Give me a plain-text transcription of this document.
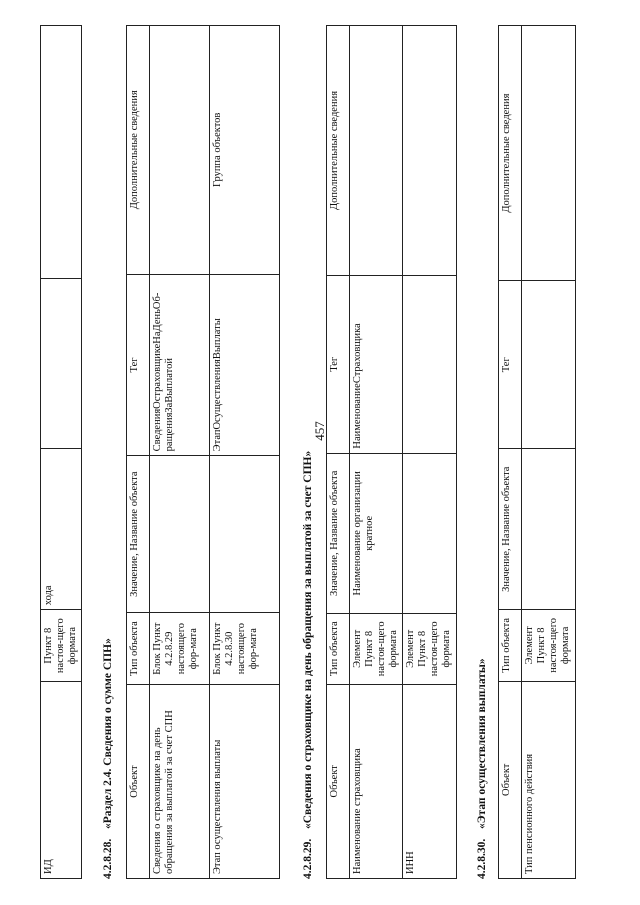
457
ИД	Пункт 8 настоя-щего формата	хода		
4.2.8.28.«Раздел 2.4. Сведения о сумме СПН» Объект	Тип объекта	Значение, Название объекта	Тег	Дополнительные сведения
Сведения о страховщике на день обращения за выплатой за счет СПН	Блок Пункт 4.2.8.29 настоящего фор-мата		СведенияОстраховщикеНаДеньОб-ращенияЗаВыплатой	
Этап осуществления выплаты	Блок Пункт 4.2.8.30 настоящего фор-мата		ЭтапОсуществленияВыплаты	Группа объектов
4.2.8.29.«Сведения о страховщике на день обращения за выплатой за счет СПН» Объект	Тип объекта	Значение, Название объекта	Тег	Дополнительные сведения
Наименование страховщика	Элемент Пункт 8 настоя-щего формата	Наименование организации кратное	НаименованиеСтраховщика	
ИНН	Элемент Пункт 8 настоя-щего формата			
4.2.8.30.«Этап осуществления выплаты» Объект	Тип объекта	Значение, Название объекта	Тег	Дополнительные сведения
Тип пенсионного действия	Элемент Пункт 8 настоя-щего формата			
